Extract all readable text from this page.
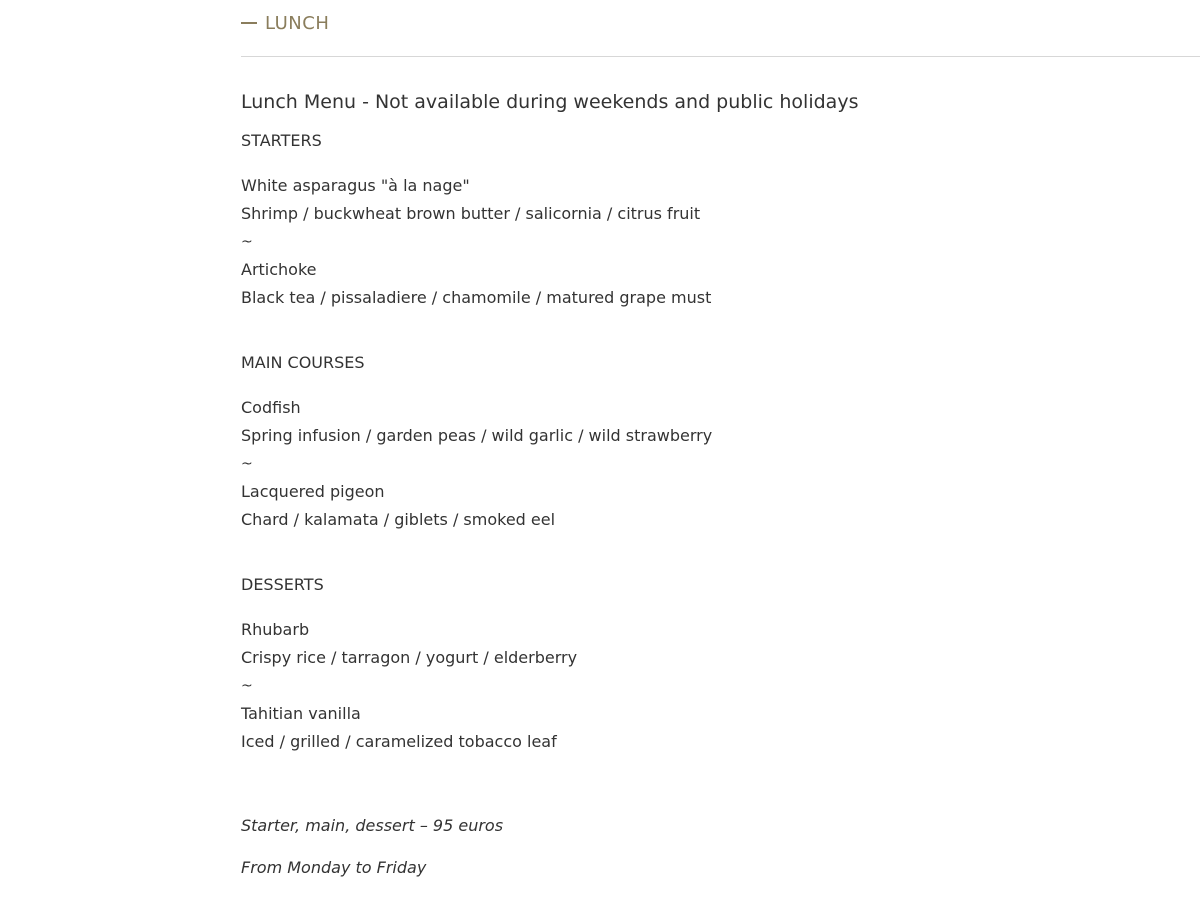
LUNCH
Lunch Menu - Not available during weekends and public holidays
STARTERS
White asparagus "à la nage"
Shrimp / buckwheat brown butter / salicornia / citrus fruit
~
Artichoke
Black tea / pissaladiere / chamomile / matured grape must
MAIN COURSES
Codfish
Spring infusion / garden peas / wild garlic / wild strawberry
~
Lacquered pigeon
Chard / kalamata / giblets / smoked eel
DESSERTS
Rhubarb
Crispy rice / tarragon / yogurt / elderberry
~
Tahitian vanilla
Iced / grilled / caramelized tobacco leaf
Starter, main, dessert – 95 euros
From Monday to Friday
